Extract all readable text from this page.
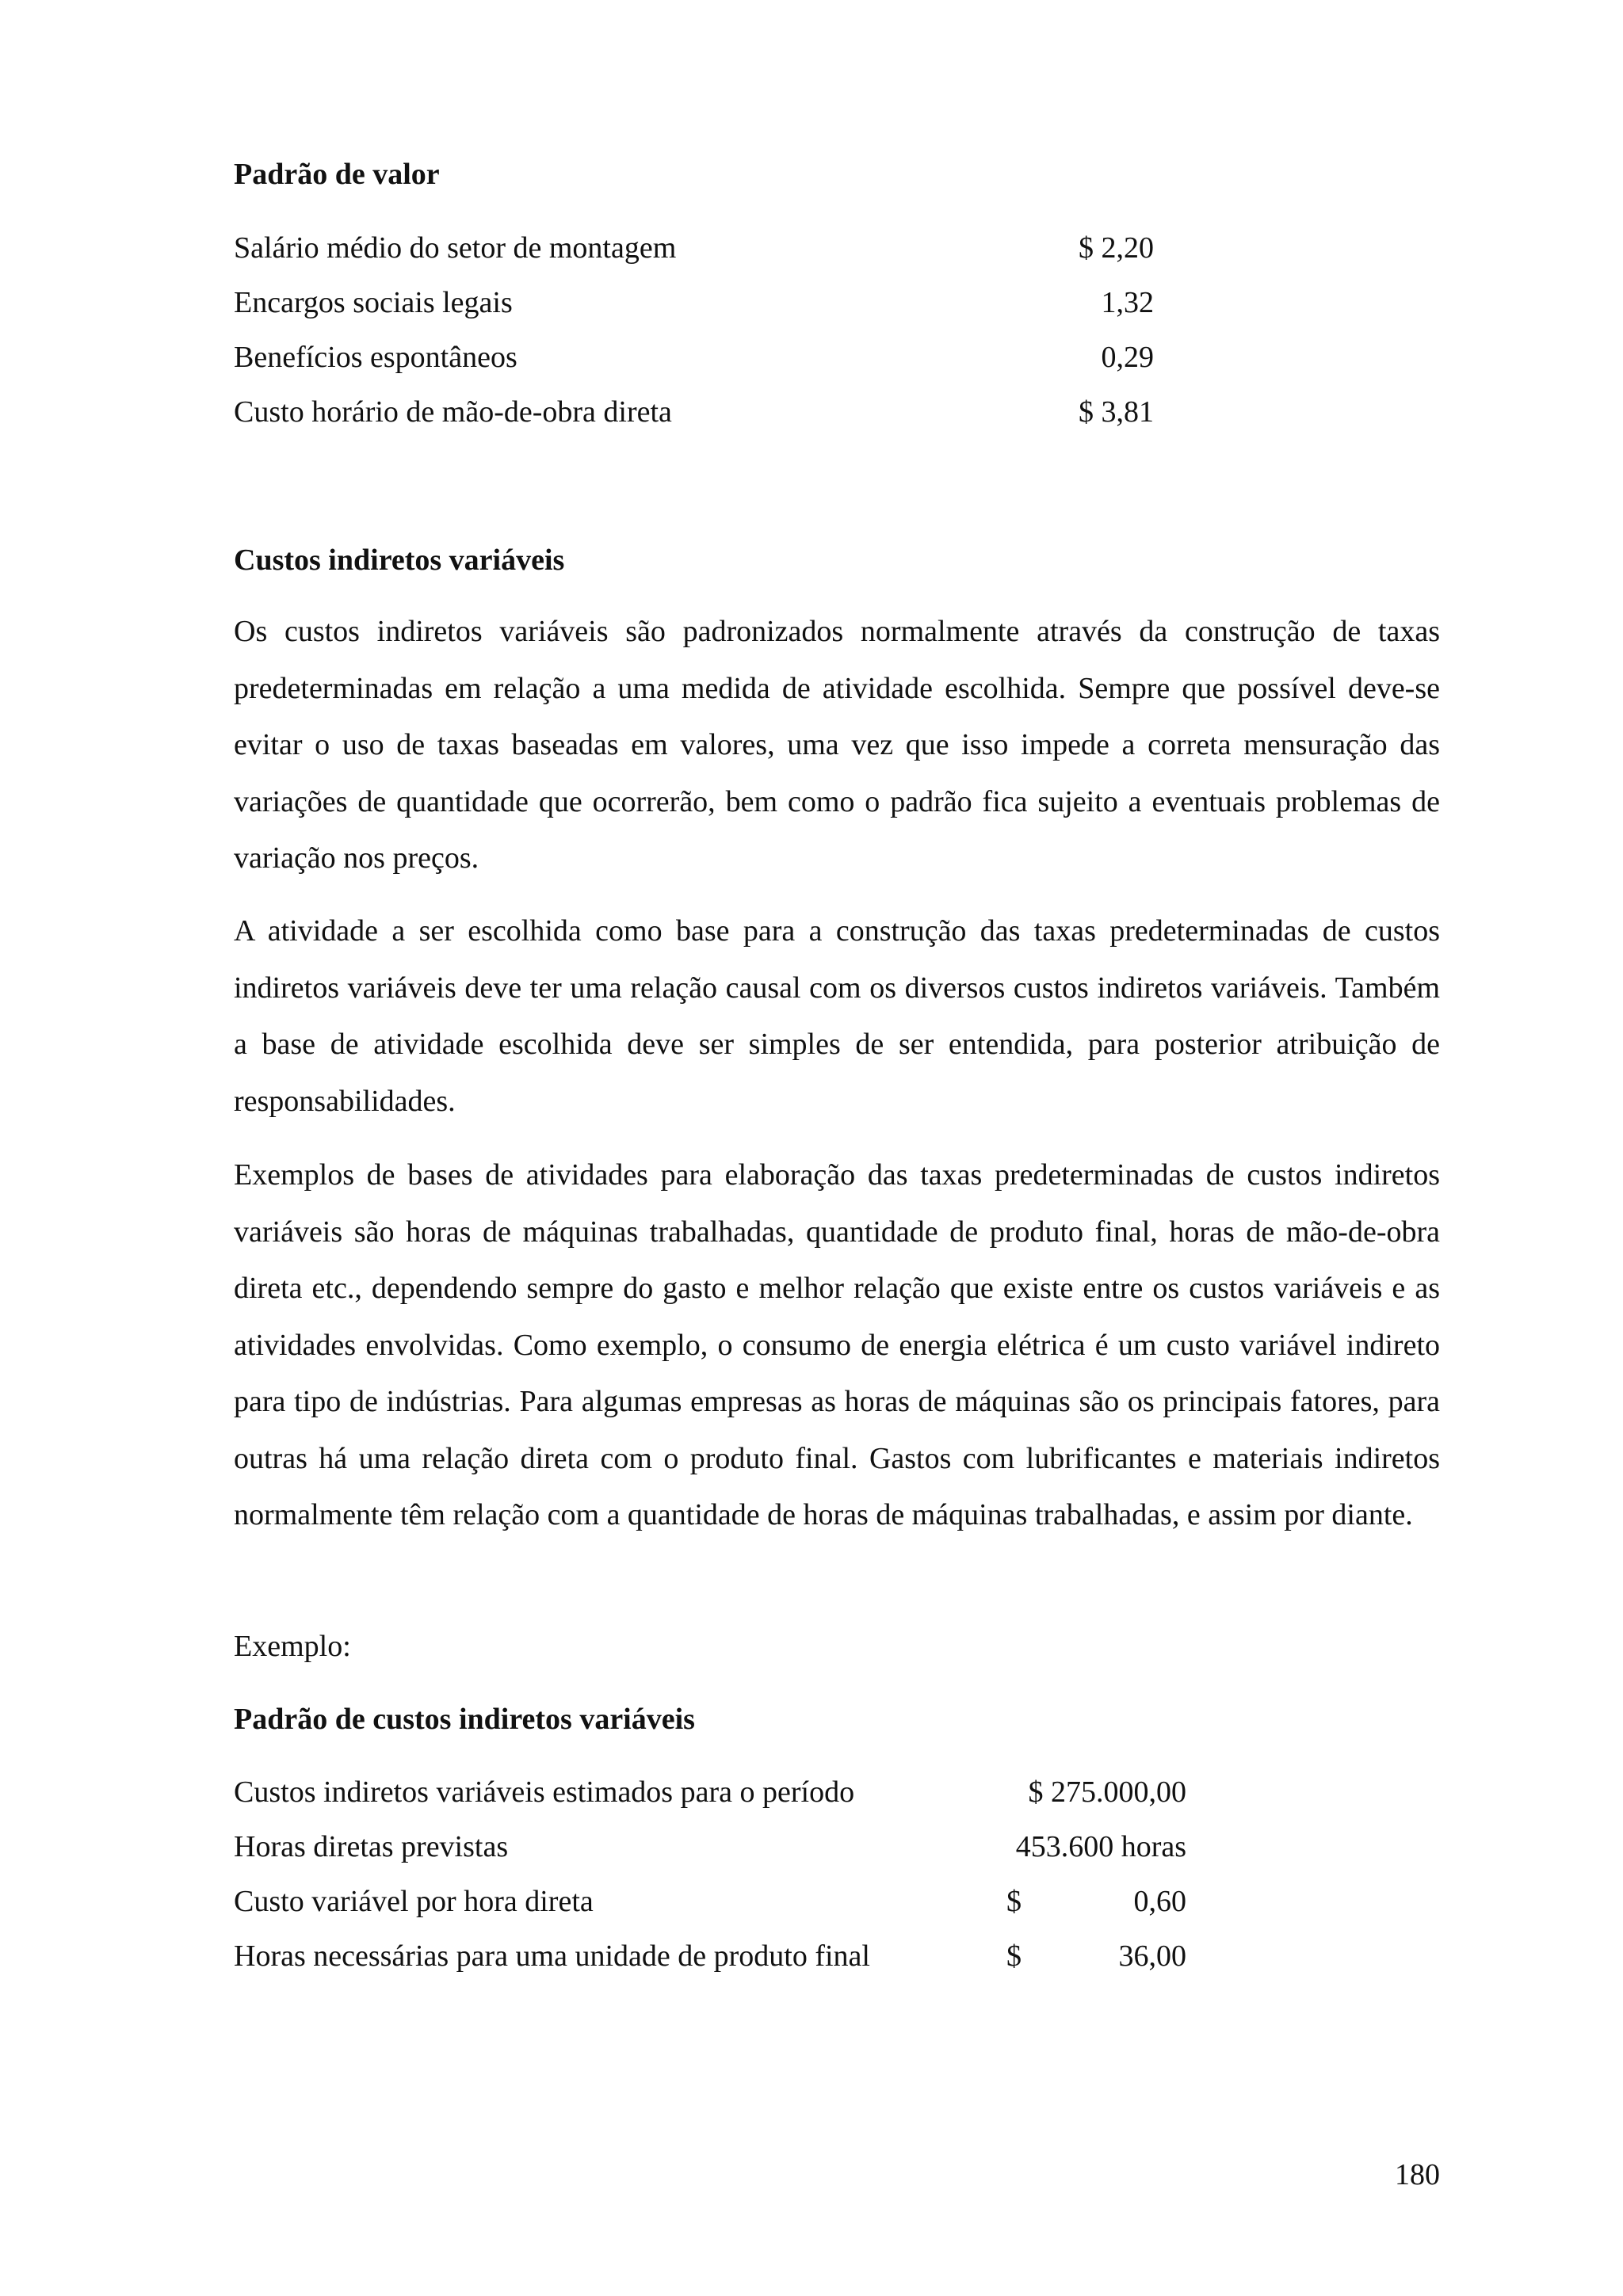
Padrão de valor
Salário médio do setor de montagem	$ 2,20
Encargos sociais legais	1,32
Benefícios espontâneos	0,29
Custo horário de mão-de-obra direta	$ 3,81
Custos indiretos variáveis

Os custos indiretos variáveis são padronizados normalmente através da construção de taxas predeterminadas em relação a uma medida de atividade escolhida. Sempre que possível deve-se evitar o uso de taxas baseadas em valores, uma vez que isso impede a correta mensuração das variações de quantidade que ocorrerão, bem como o padrão fica sujeito a eventuais problemas de variação nos preços.

A atividade a ser escolhida como base para a construção das taxas predeterminadas de custos indiretos variáveis deve ter uma relação causal com os diversos custos indiretos variáveis. Também a base de atividade escolhida deve ser simples de ser entendida, para posterior atribuição de responsabilidades.

Exemplos de bases de atividades para elaboração das taxas predeterminadas de custos indiretos variáveis são horas de máquinas trabalhadas, quantidade de produto final, horas de mão-de-obra direta etc., dependendo sempre do gasto e melhor relação que existe entre os custos variáveis e as atividades envolvidas. Como exemplo, o consumo de energia elétrica é um custo variável indireto para tipo de indústrias. Para algumas empresas as horas de máquinas são os principais fatores, para outras há uma relação direta com o produto final. Gastos com lubrificantes e materiais indiretos normalmente têm relação com a quantidade de horas de máquinas trabalhadas, e assim por diante.

Exemplo:

Padrão de custos indiretos variáveis
Custos indiretos variáveis estimados para o período	$ 275.000,00
Horas diretas previstas	453.600 horas
Custo variável por hora direta	$	0,60
Horas necessárias para uma unidade de produto final	$	36,00
180
